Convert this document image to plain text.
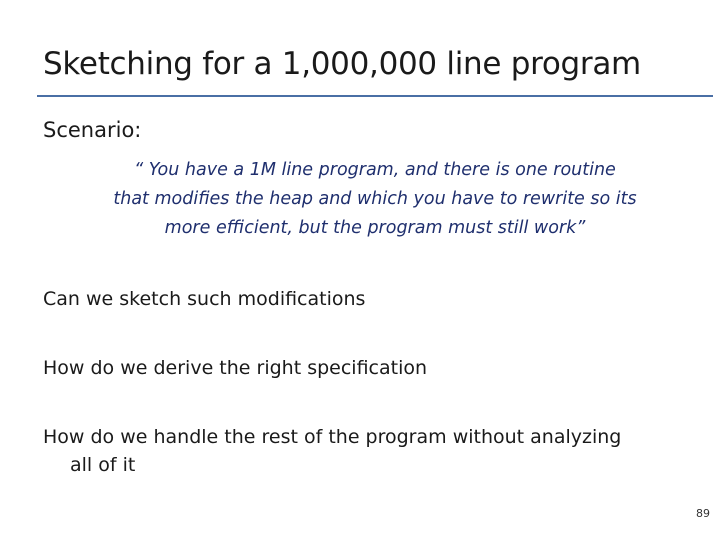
Sketching for a 1,000,000 line program
Scenario:

“ You have a 1M line program, and there is one routine
that modifies the heap and which you have to rewrite so its
more efficient, but the program must still work”

Can we sketch such modifications
How do we derive the right specification
How do we handle the rest of the program without analyzing
all of it
89
